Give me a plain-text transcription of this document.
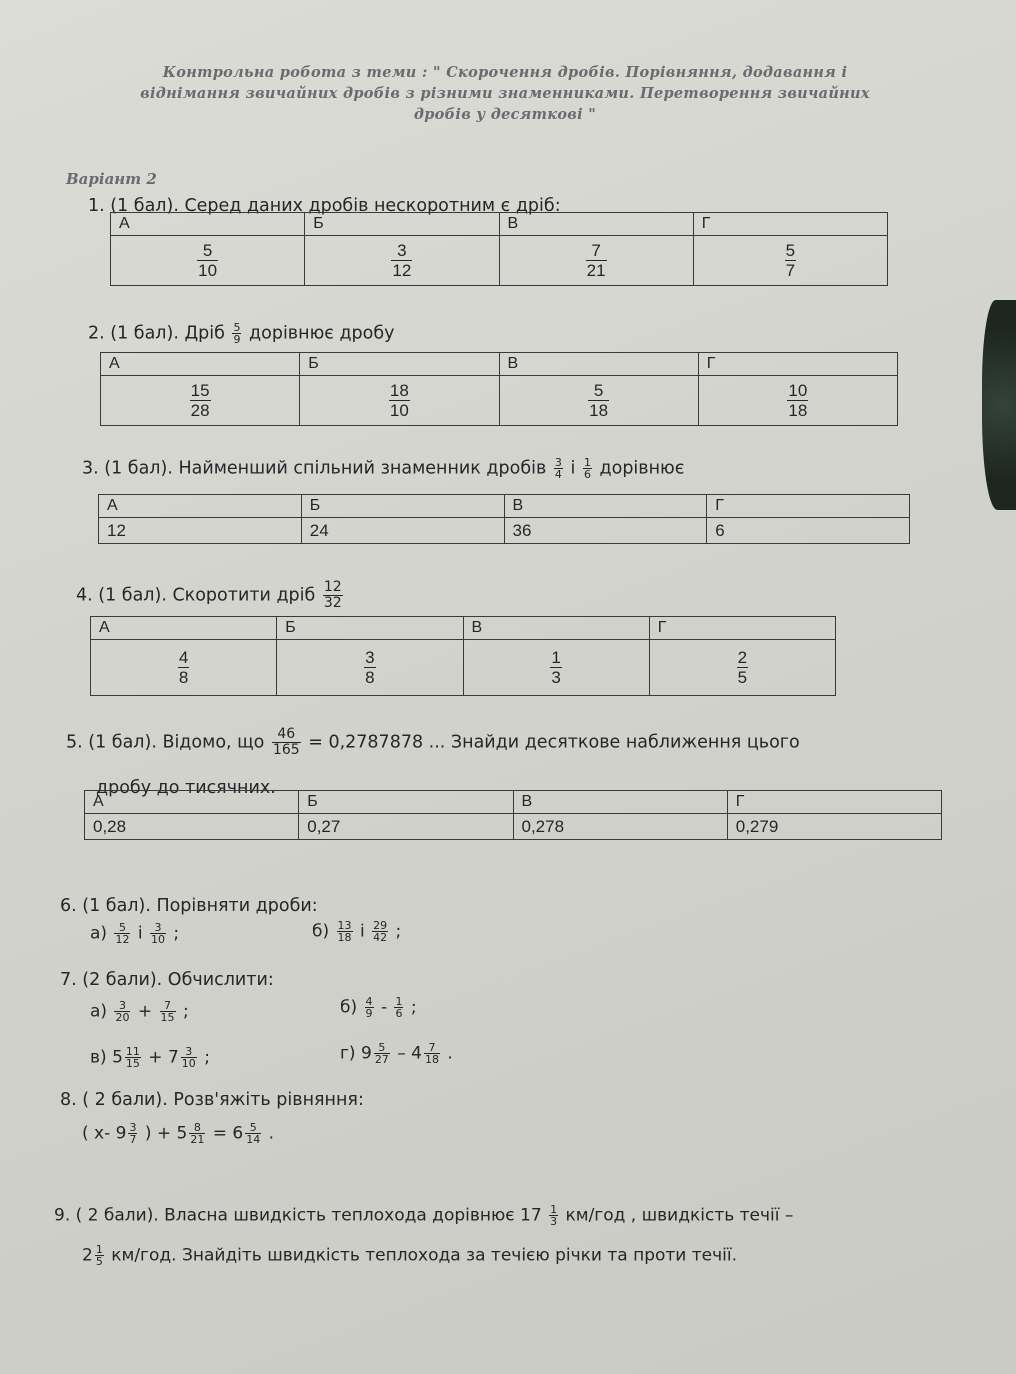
Контрольна робота з теми : " Скорочення дробів. Порівняння, додавання і
віднімання звичайних дробів з різними знаменниками. Перетворення звичайних
дробів у десяткові "
Варіант 2
1. (1 бал). Серед даних дробів нескоротним є дріб:
А	Б	В	Г

$\frac{5}{10}$	$\frac{3}{12}$	$\frac{7}{21}$	$\frac{5}{7}$
2. (1 бал). Дріб $\frac{5}{9}$ дорівнює дробу
А	Б	В	Г

$\frac{15}{28}$	$\frac{18}{10}$	$\frac{5}{18}$	$\frac{10}{18}$
3. (1 бал). Найменший спільний знаменник дробів $\frac{3}{4}$ і $\frac{1}{6}$ дорівнює
А	Б	В	Г
12	24	36	6
4. (1 бал). Скоротити дріб $\frac{12}{32}$
А	Б	В	Г

$\frac{4}{8}$	$\frac{3}{8}$	$\frac{1}{3}$	$\frac{2}{5}$
5. (1 бал). Відомо, що $\frac{46}{165} = 0,2787878$ ... Знайди десяткове наближення цього
дробу до тисячних.
А	Б	В	Г
0,28	0,27	0,278	0,279
6. (1 бал). Порівняти дроби:
$а) \frac{5}{12}$ і $\frac{3}{10}$ ;	$б) \frac{13}{18}$ і $\frac{29}{42}$ ;
7. (2 бали). Обчислити:
$а) \frac{3}{20} + \frac{7}{15}$ ;	$б) \frac{4}{9} - \frac{1}{6}$ ;
в) $5 \frac{11}{15} + 7 \frac{3}{10}$ ;	г) $9 \frac{5}{27} - 4 \frac{7}{18}$ .
8. ( 2 бали). Розв'яжіть рівняння:
( х- $9 \frac{3}{7}$ ) + $5 \frac{8}{21} = 6 \frac{5}{14}$ .
9. ( 2 бали). Власна швидкість теплохода дорівнює $17 \frac{1}{3} км/год$ , швидкість течії –
$2 \frac{1}{5} км/год$. Знайдіть швидкість теплохода за течією річки та проти течії.
